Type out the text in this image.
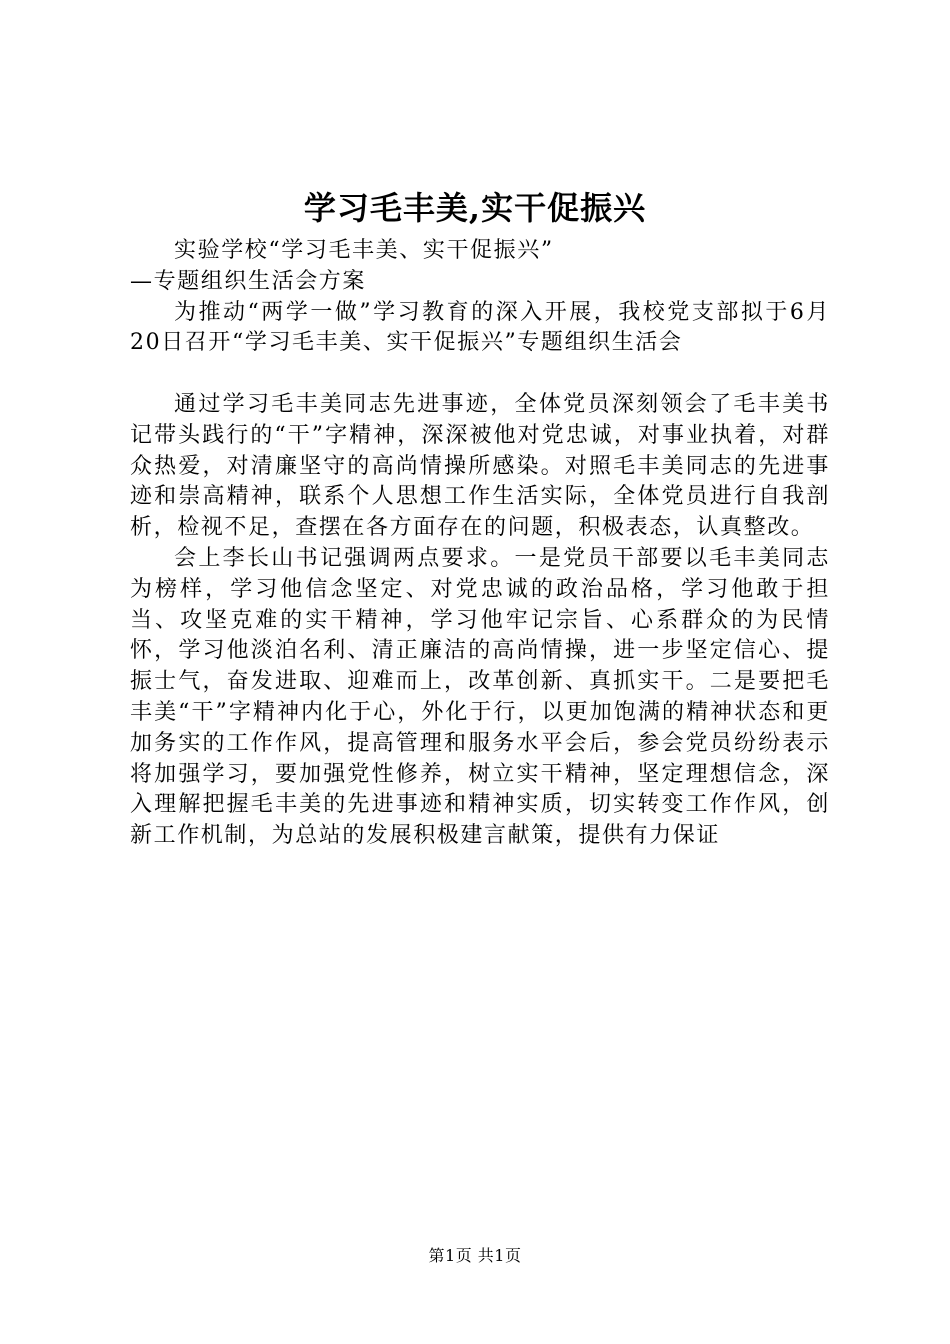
学习毛丰美,实干促振兴

实验学校“学习毛丰美、实干促振兴”

—专题组织生活会方案

为推动“两学一做”学习教育的深入开展，我校党支部拟于6月20日召开“学习毛丰美、实干促振兴”专题组织生活会

通过学习毛丰美同志先进事迹，全体党员深刻领会了毛丰美书记带头践行的“干”字精神，深深被他对党忠诚，对事业执着，对群众热爱，对清廉坚守的高尚情操所感染。对照毛丰美同志的先进事迹和崇高精神，联系个人思想工作生活实际，全体党员进行自我剖析，检视不足，查摆在各方面存在的问题，积极表态，认真整改。

会上李长山书记强调两点要求。一是党员干部要以毛丰美同志为榜样，学习他信念坚定、对党忠诚的政治品格，学习他敢于担当、攻坚克难的实干精神，学习他牢记宗旨、心系群众的为民情怀，学习他淡泊名利、清正廉洁的高尚情操，进一步坚定信心、提振士气，奋发进取、迎难而上，改革创新、真抓实干。二是要把毛丰美“干”字精神内化于心，外化于行，以更加饱满的精神状态和更加务实的工作作风，提高管理和服务水平会后，参会党员纷纷表示将加强学习，要加强党性修养，树立实干精神，坚定理想信念，深入理解把握毛丰美的先进事迹和精神实质，切实转变工作作风，创新工作机制，为总站的发展积极建言献策，提供有力保证

第1页 共1页
